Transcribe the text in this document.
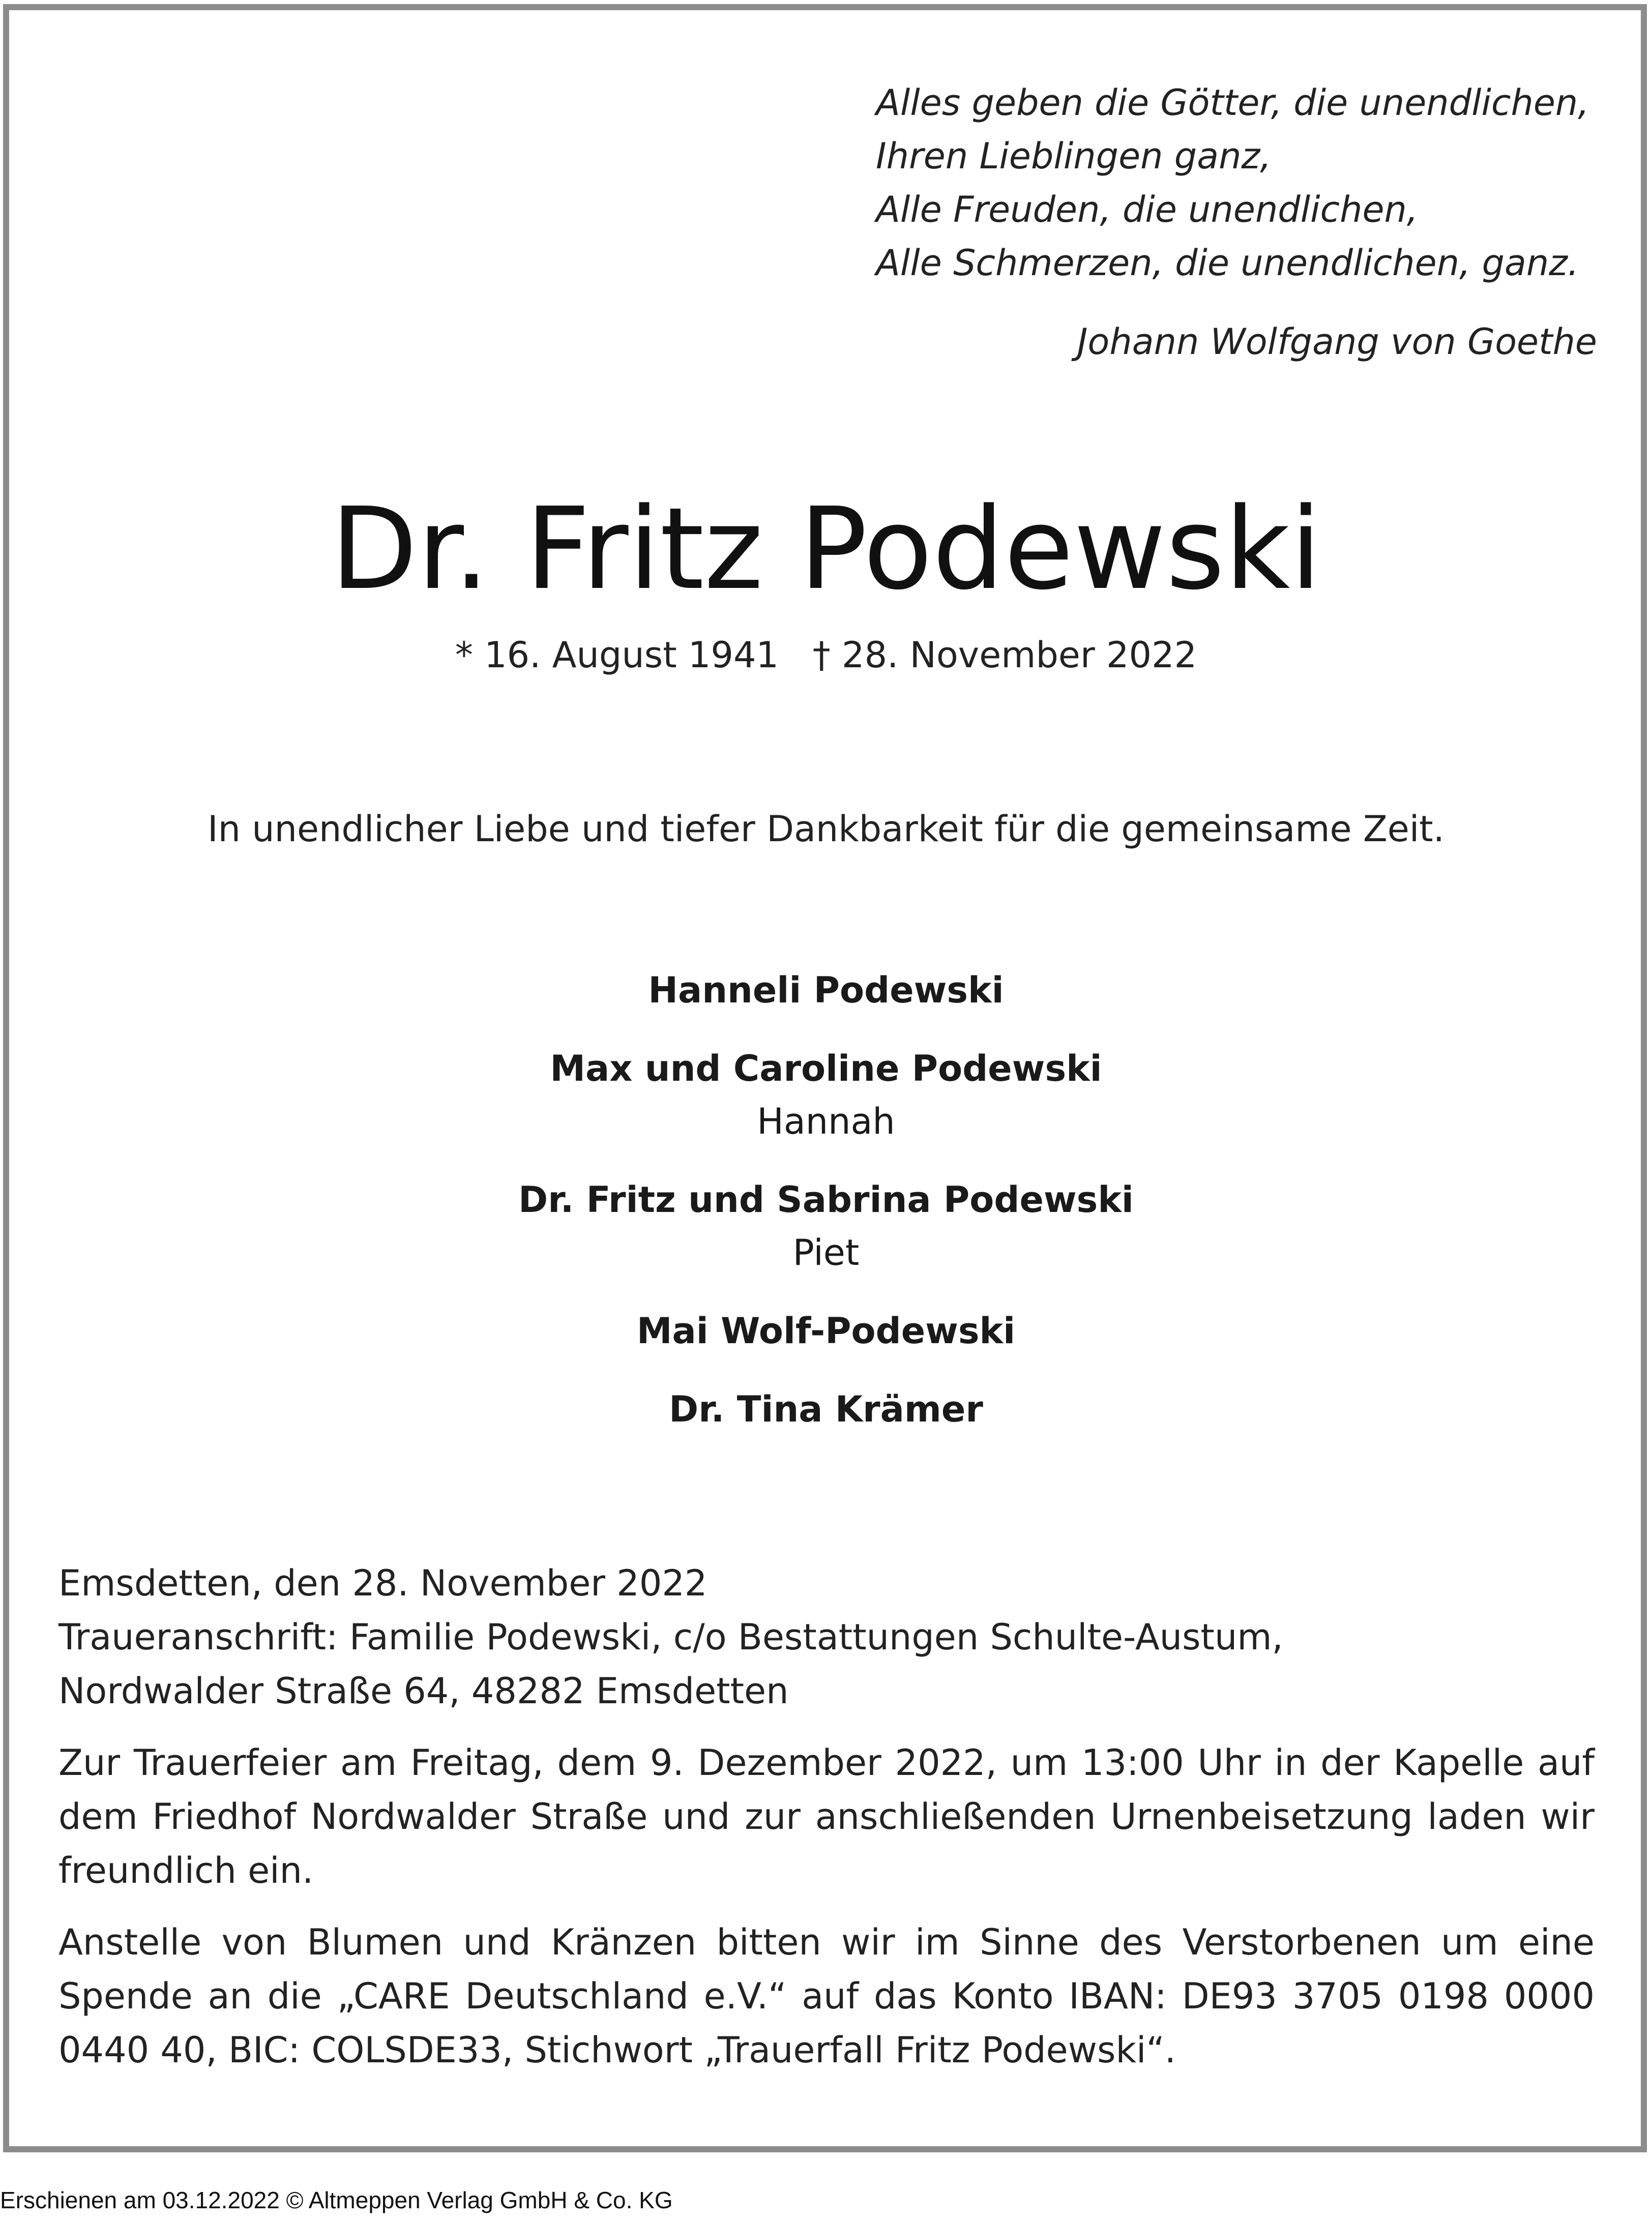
Alles geben die Götter, die unendlichen,
Ihren Lieblingen ganz,
Alle Freuden, die unendlichen,
Alle Schmerzen, die unendlichen, ganz.
Johann Wolfgang von Goethe
Dr. Fritz Podewski
* 16. August 1941   † 28. November 2022
In unendlicher Liebe und tiefer Dankbarkeit für die gemeinsame Zeit.
Hanneli Podewski
Max und Caroline Podewski
Hannah
Dr. Fritz und Sabrina Podewski
Piet
Mai Wolf-Podewski
Dr. Tina Krämer
Emsdetten, den 28. November 2022
Traueranschrift: Familie Podewski, c/o Bestattungen Schulte-Austum,
Nordwalder Straße 64, 48282 Emsdetten
Zur Trauerfeier am Freitag, dem 9. Dezember 2022, um 13:00 Uhr in der Kapelle auf dem Friedhof Nordwalder Straße und zur anschließenden Urnenbeisetzung laden wir freundlich ein.
Anstelle von Blumen und Kränzen bitten wir im Sinne des Verstorbenen um eine Spende an die „CARE Deutschland e.V.“ auf das Konto IBAN: DE93 3705 0198 0000 0440 40, BIC: COLSDE33, Stichwort „Trauerfall Fritz Podewski“.
Erschienen am 03.12.2022 © Altmeppen Verlag GmbH & Co. KG
